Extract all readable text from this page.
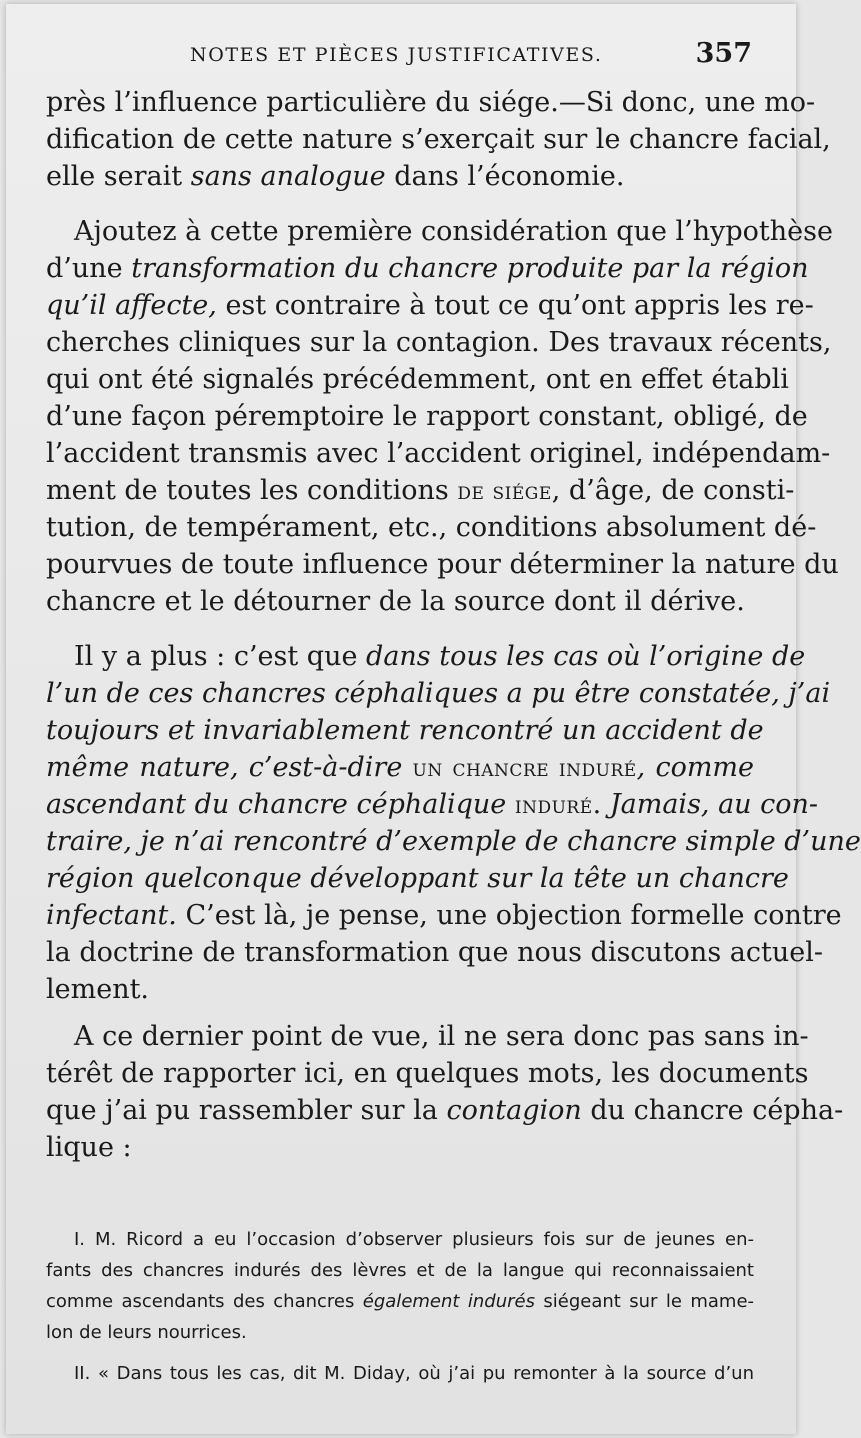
NOTES ET PIÈCES JUSTIFICATIVES.	357
près l’influence particulière du siége.—Si donc, une mo-
dification de cette nature s’exerçait sur le chancre facial,
elle serait sans analogue dans l’économie.
Ajoutez à cette première considération que l’hypothèse
d’une transformation du chancre produite par la région
qu’il affecte, est contraire à tout ce qu’ont appris les re-
cherches cliniques sur la contagion. Des travaux récents,
qui ont été signalés précédemment, ont en effet établi
d’une façon péremptoire le rapport constant, obligé, de
l’accident transmis avec l’accident originel, indépendam-
ment de toutes les conditions de siége, d’âge, de consti-
tution, de tempérament, etc., conditions absolument dé-
pourvues de toute influence pour déterminer la nature du
chancre et le détourner de la source dont il dérive.
Il y a plus : c’est que dans tous les cas où l’origine de
l’un de ces chancres céphaliques a pu être constatée, j’ai
toujours et invariablement rencontré un accident de
même nature, c’est-à-dire un chancre induré, comme
ascendant du chancre céphalique induré. Jamais, au con-
traire, je n’ai rencontré d’exemple de chancre simple d’une
région quelconque développant sur la tête un chancre
infectant. C’est là, je pense, une objection formelle contre
la doctrine de transformation que nous discutons actuel-
lement.
A ce dernier point de vue, il ne sera donc pas sans in-
térêt de rapporter ici, en quelques mots, les documents
que j’ai pu rassembler sur la contagion du chancre cépha-
lique :
I. M. Ricord a eu l’occasion d’observer plusieurs fois sur de jeunes en-
fants des chancres indurés des lèvres et de la langue qui reconnaissaient
comme ascendants des chancres également indurés siégeant sur le mame-
lon de leurs nourrices.
II. « Dans tous les cas, dit M. Diday, où j’ai pu remonter à la source d’un
